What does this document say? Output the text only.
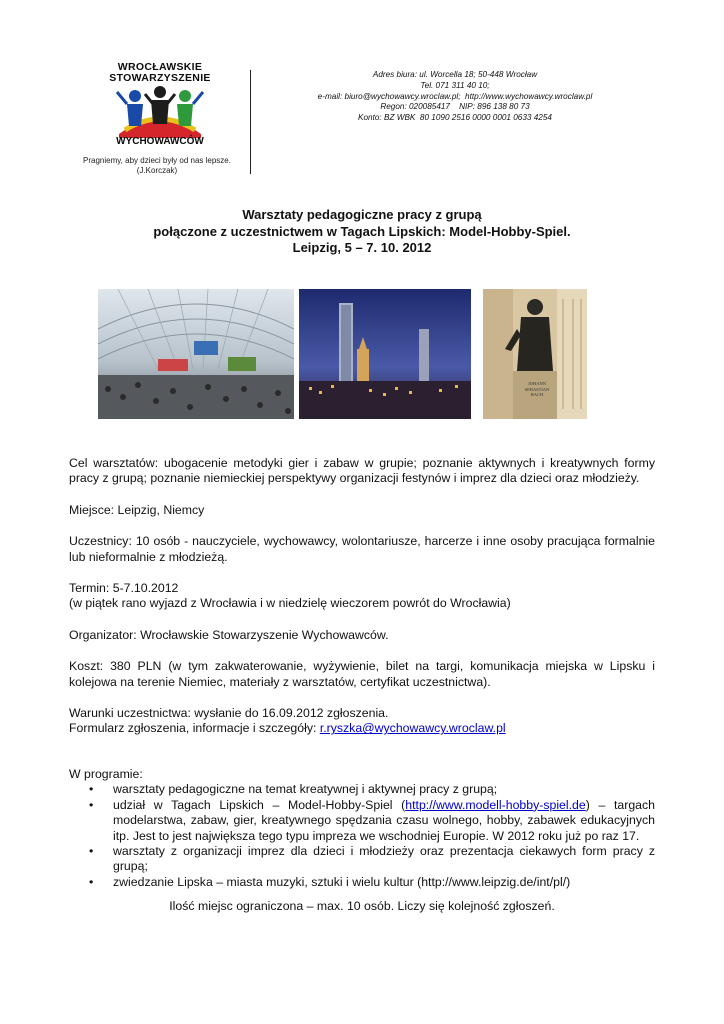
WROCŁAWSKIE
STOWARZYSZENIE
WYCHOWAWCÓW
Pragniemy, aby dzieci były od nas lepsze.
(J.Korczak)
Adres biura: ul. Worcella 18; 50-448 Wrocław
Tel. 071 311 40 10;
e-mail: biuro@wychowawcy.wroclaw.pl;  http://www.wychowawcy.wroclaw.pl
Regon: 020085417    NIP: 896 138 80 73
Konto: BZ WBK  80 1090 2516 0000 0001 0633 4254
Warsztaty pedagogiczne pracy z grupą
połączone z uczestnictwem w Tagach Lipskich: Model-Hobby-Spiel.
Leipzig, 5 – 7. 10. 2012
JOHANN
SEBASTIAN
BACH

Cel warsztatów: ubogacenie metodyki gier i zabaw w grupie; poznanie aktywnych i kreatywnych formy pracy z grupą; poznanie niemieckiej perspektywy organizacji festynów i imprez dla dzieci oraz młodzieży.

Miejsce: Leipzig, Niemcy

Uczestnicy: 10 osób - nauczyciele, wychowawcy, wolontariusze, harcerze i inne osoby pracująca formalnie lub nieformalnie z młodzieżą.

Termin: 5-7.10.2012
(w piątek rano wyjazd z Wrocławia i w niedzielę wieczorem powrót do Wrocławia)

Organizator: Wrocławskie Stowarzyszenie Wychowawców.

Koszt: 380 PLN (w tym zakwaterowanie, wyżywienie, bilet na targi, komunikacja miejska w Lipsku i kolejowa na terenie Niemiec, materiały z warsztatów, certyfikat uczestnictwa).

Warunki uczestnictwa: wysłanie do 16.09.2012 zgłoszenia.
Formularz zgłoszenia, informacje i szczegóły: r.ryszka@wychowawcy.wroclaw.pl

W programie:

• warsztaty pedagogiczne na temat kreatywnej i aktywnej pracy z grupą;
• udział w Tagach Lipskich – Model-Hobby-Spiel (http://www.modell-hobby-spiel.de) – targach modelarstwa, zabaw, gier, kreatywnego spędzania czasu wolnego, hobby, zabawek edukacyjnych itp. Jest to jest największa tego typu impreza we wschodniej Europie. W 2012 roku już po raz 17.
• warsztaty z organizacji imprez dla dzieci i młodzieży oraz prezentacja ciekawych form pracy z grupą;
• zwiedzanie Lipska – miasta muzyki, sztuki i wielu kultur (http://www.leipzig.de/int/pl/)
Ilość miejsc ograniczona – max. 10 osób. Liczy się kolejność zgłoszeń.
